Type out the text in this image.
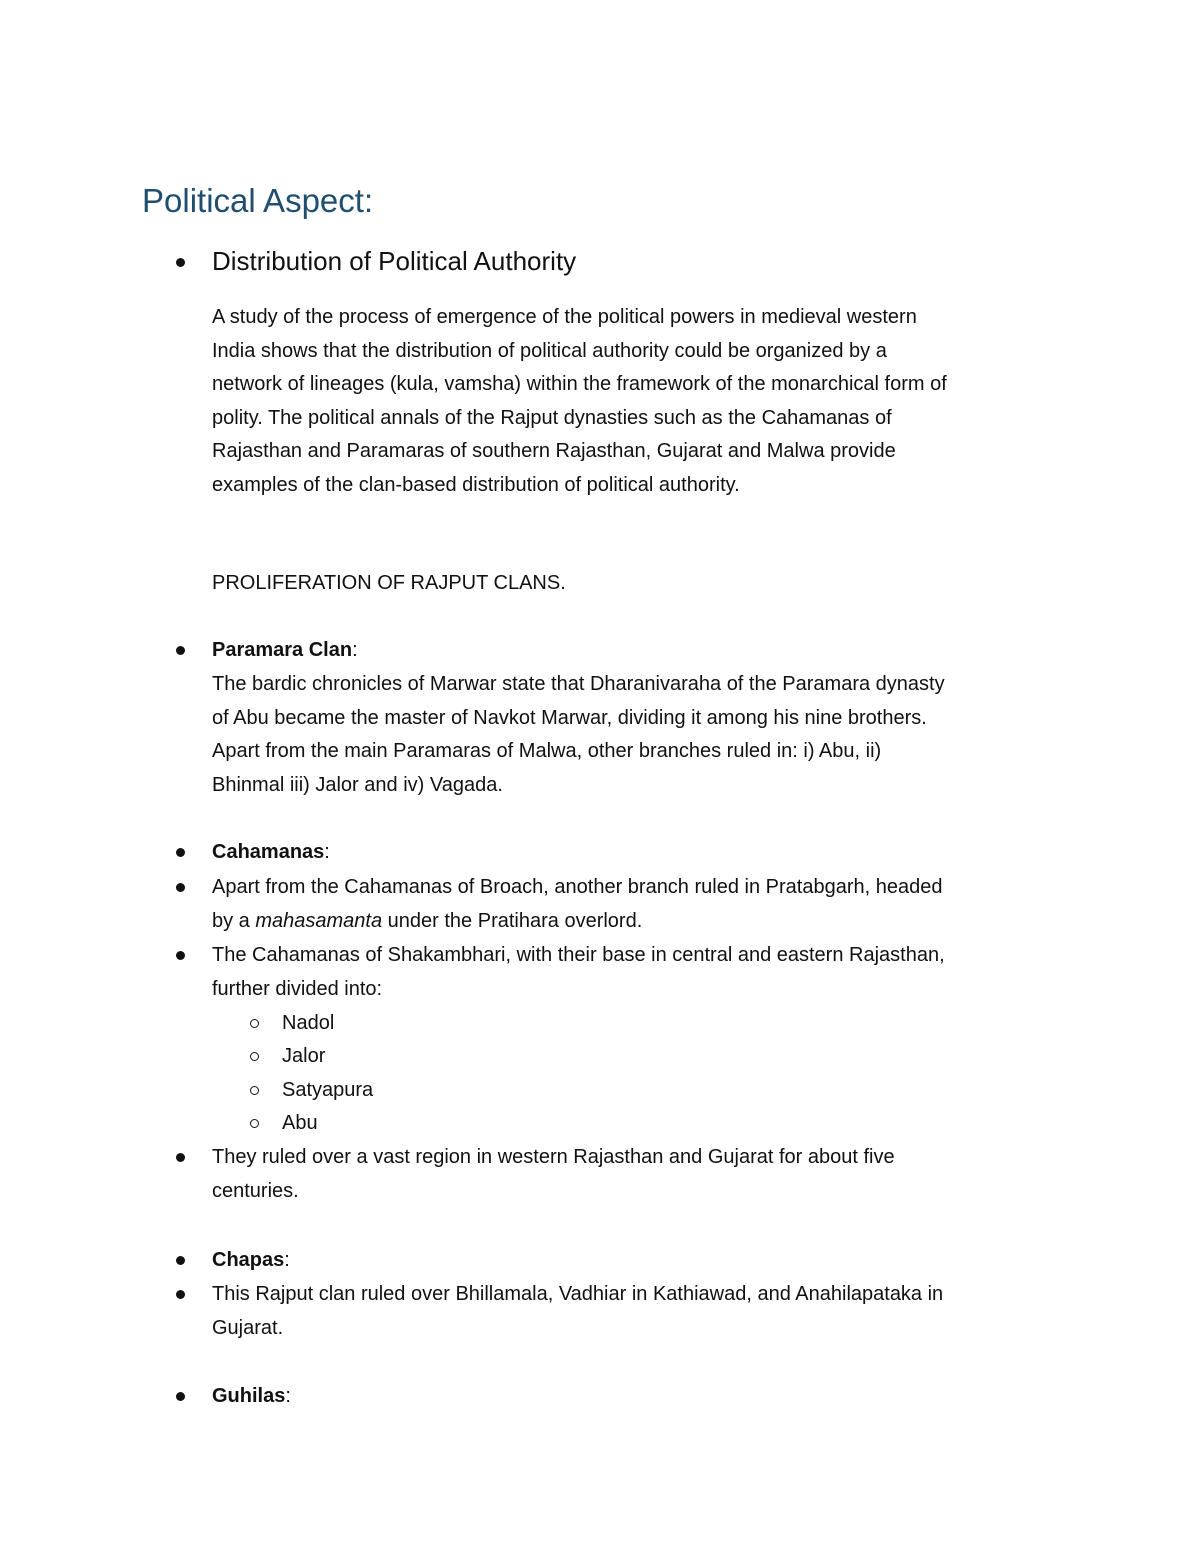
Political Aspect:
Distribution of Political Authority
A study of the process of emergence of the political powers in medieval western
India shows that the distribution of political authority could be organized by a
network of lineages (kula, vamsha) within the framework of the monarchical form of
polity. The political annals of the Rajput dynasties such as the Cahamanas of
Rajasthan and Paramaras of southern Rajasthan, Gujarat and Malwa provide
examples of the clan-based distribution of political authority.
PROLIFERATION OF RAJPUT CLANS.
Paramara Clan:
The bardic chronicles of Marwar state that Dharanivaraha of the Paramara dynasty
of Abu became the master of Navkot Marwar, dividing it among his nine brothers.
Apart from the main Paramaras of Malwa, other branches ruled in: i) Abu, ii)
Bhinmal iii) Jalor and iv) Vagada.
Cahamanas:
Apart from the Cahamanas of Broach, another branch ruled in Pratabgarh, headed
by a mahasamanta under the Pratihara overlord.
The Cahamanas of Shakambhari, with their base in central and eastern Rajasthan,
further divided into:
Nadol
Jalor
Satyapura
Abu
They ruled over a vast region in western Rajasthan and Gujarat for about five
centuries.
Chapas:
This Rajput clan ruled over Bhillamala, Vadhiar in Kathiawad, and Anahilapataka in
Gujarat.
Guhilas:
